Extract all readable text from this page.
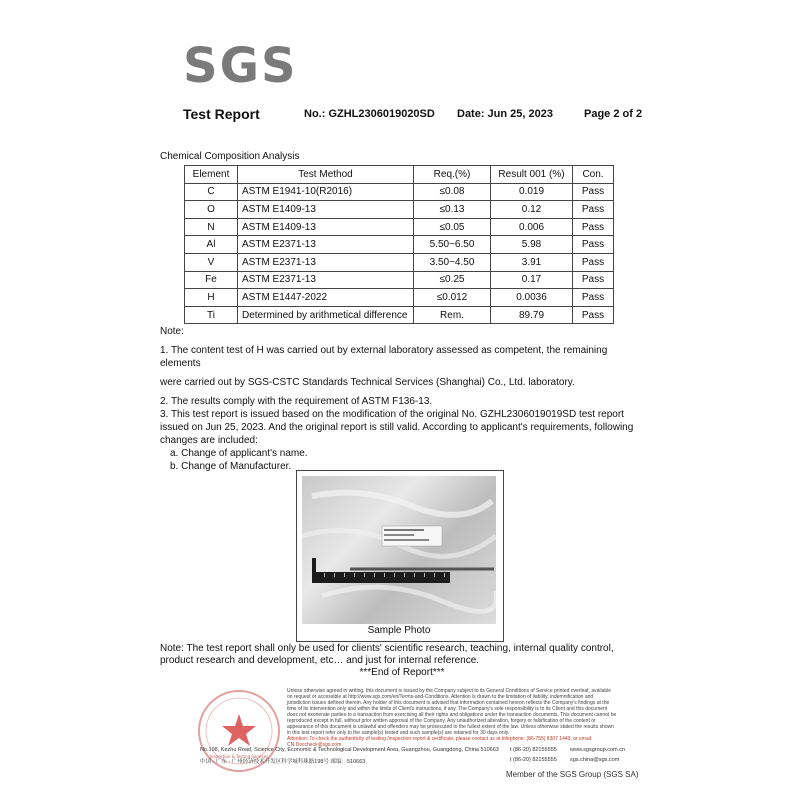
SGS
Test Report	No.: GZHL2306019020SD Date: Jun 25, 2023	Page 2 of 2
Chemical Composition Analysis
Element	Test Method	Req.(%)	Result 001 (%)	Con.
C	ASTM E1941-10(R2016)	≤0.08	0.019	Pass
O	ASTM E1409-13	≤0.13	0.12	Pass
N	ASTM E1409-13	≤0.05	0.006	Pass
Al	ASTM E2371-13	5.50~6.50	5.98	Pass
V	ASTM E2371-13	3.50~4.50	3.91	Pass
Fe	ASTM E2371-13	≤0.25	0.17	Pass
H	ASTM E1447-2022	≤0.012	0.0036	Pass
Ti	Determined by arithmetical difference	Rem.	89.79	Pass

Note:

1. The content test of H was carried out by external laboratory assessed as competent, the remaining elements

were carried out by SGS-CSTC Standards Technical Services (Shanghai) Co., Ltd. laboratory.

2. The results comply with the requirement of ASTM F136-13.

3. This test report is issued based on the modification of the original No. GZHL2306019019SD test report issued on Jun 25, 2023. And the original report is still valid. According to applicant's requirements, following changes are included:

a. Change of applicant's name.

b. Change of Manufacturer.

Sample Photo
Note: The test report shall only be used for clients' scientific research, teaching, internal quality control, product research and development, etc… and just for internal reference.
***End of Report***
Inspection & Testing Services

Unless otherwise agreed in writing, this document is issued by the Company subject to its General Conditions of Service printed overleaf, available on request or accessible at http://www.sgs.com/en/Terms-and-Conditions. Attention is drawn to the limitation of liability, indemnification and jurisdiction issues defined therein. Any holder of this document is advised that information contained hereon reflects the Company's findings at the time of its intervention only and within the limits of Client's instructions, if any. The Company's sole responsibility is to its Client and this document does not exonerate parties to a transaction from exercising all their rights and obligations under the transaction documents. This document cannot be reproduced except in full, without prior written approval of the Company. Any unauthorized alteration, forgery or falsification of the content or appearance of this document is unlawful and offenders may be prosecuted to the fullest extent of the law. Unless otherwise stated the results shown in this test report refer only to the sample(s) tested and such sample(s) are retained for 30 days only.

Attention: To check the authenticity of testing /inspection report & certificate, please contact us at telephone: (86-755) 8307 1443, or email: CN.Doccheck@sgs.com

No.198, Kezhu Road, Science City, Economic & Technological Development Area, Guangzhou, Guangdong, China 510663
中国 · 广东 · 广州经济技术开发区科学城科珠路198号 邮编：510663
t (86-20) 82155555
t (86-20) 82155555
www.sgsgroup.com.cn
sgs.china@sgs.com
Member of the SGS Group (SGS SA)
